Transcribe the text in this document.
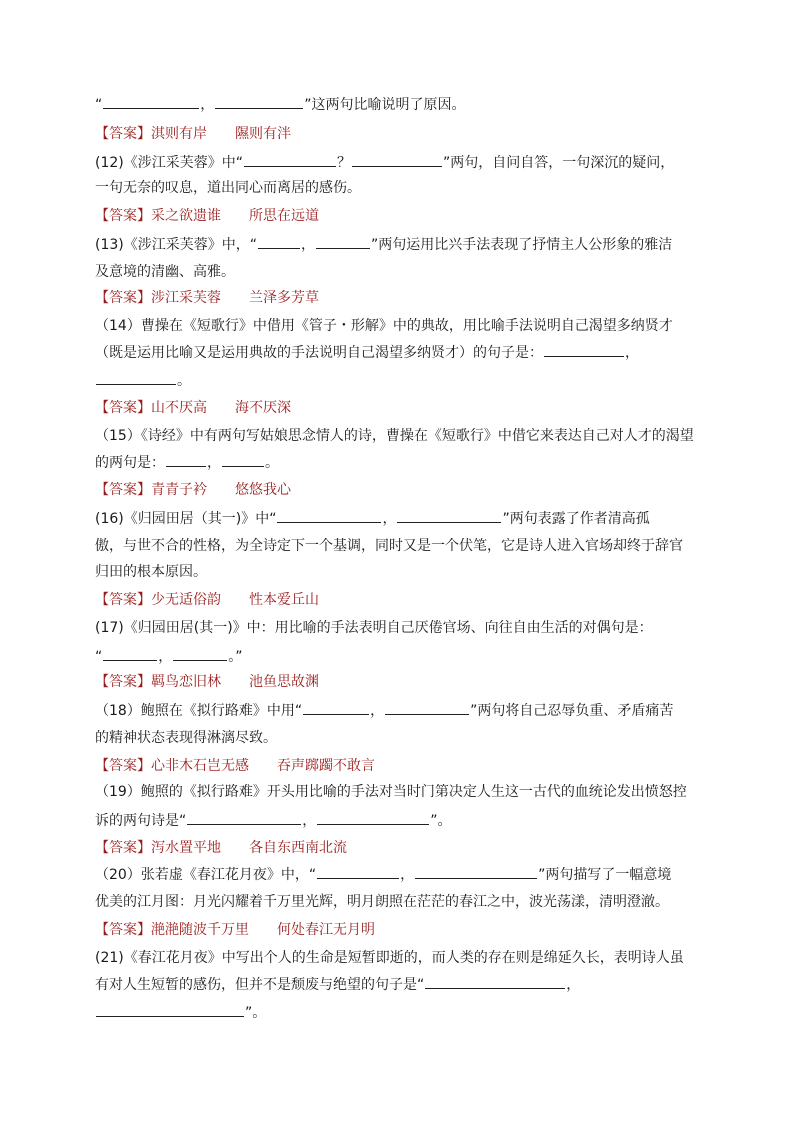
“	，	”这两句比喻说明了原因。
【答案】淇则有岸　　隰则有泮
(12)《涉江采芙蓉》中“	？	”两句，自问自答，一句深沉的疑问，
一句无奈的叹息，道出同心而离居的感伤。
【答案】采之欲遗谁　　所思在远道
(13)《涉江采芙蓉》中，“	，	”两句运用比兴手法表现了抒情主人公形象的雅洁
及意境的清幽、高雅。
【答案】涉江采芙蓉　　兰泽多芳草
（14）曹操在《短歌行》中借用《管子・形解》中的典故，用比喻手法说明自己渴望多纳贤才
（既是运用比喻又是运用典故的手法说明自己渴望多纳贤才）的句子是：	，
。
【答案】山不厌高　　海不厌深
（15）《诗经》中有两句写姑娘思念情人的诗，曹操在《短歌行》中借它来表达自己对人才的渴望
的两句是：	，	。
【答案】青青子衿　　悠悠我心
(16)《归园田居（其一)》中“	，	”两句表露了作者清高孤
傲，与世不合的性格，为全诗定下一个基调，同时又是一个伏笔，它是诗人进入官场却终于辞官
归田的根本原因。
【答案】少无适俗韵　　性本爱丘山
(17)《归园田居(其一)》中：用比喻的手法表明自己厌倦官场、向往自由生活的对偶句是：
“	，	。”
【答案】羁鸟恋旧林　　池鱼思故渊
（18）鲍照在《拟行路难》中用“	，	”两句将自己忍辱负重、矛盾痛苦
的精神状态表现得淋漓尽致。
【答案】心非木石岂无感　　吞声踯躅不敢言
（19）鲍照的《拟行路难》开头用比喻的手法对当时门第决定人生这一古代的血统论发出愤怒控
诉的两句诗是“	，	”。
【答案】泻水置平地　　各自东西南北流
（20）张若虚《春江花月夜》中，“	，	”两句描写了一幅意境
优美的江月图：月光闪耀着千万里光辉，明月朗照在茫茫的春江之中，波光荡漾，清明澄澈。
【答案】滟滟随波千万里　　何处春江无月明
(21)《春江花月夜》中写出个人的生命是短暂即逝的，而人类的存在则是绵延久长，表明诗人虽
有对人生短暂的感伤，但并不是颓废与绝望的句子是“	，
”。
